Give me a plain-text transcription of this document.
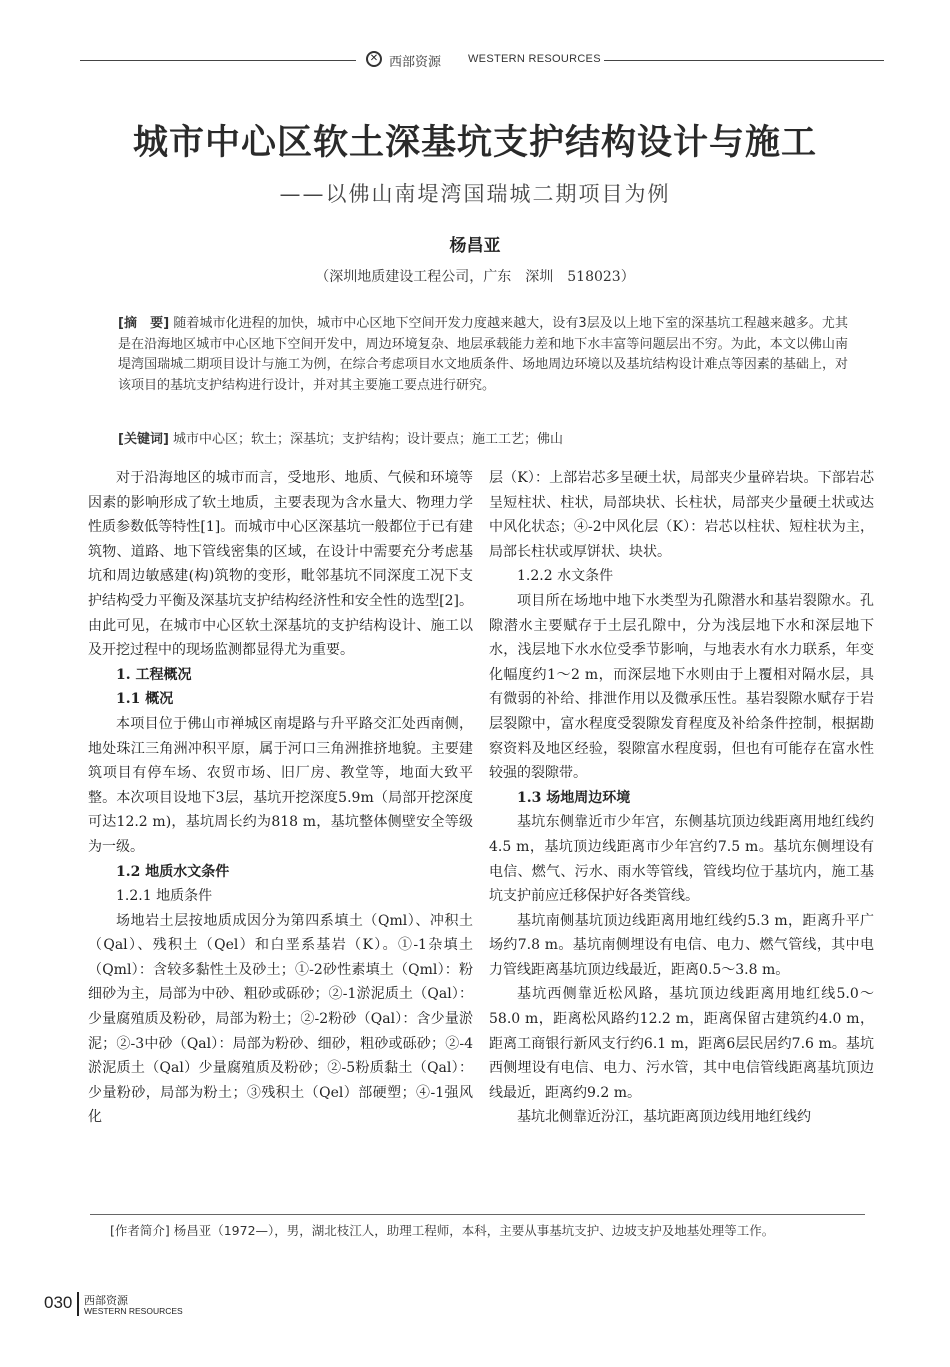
✕ 西部资源 WESTERN RESOURCES
城市中心区软土深基坑支护结构设计与施工
——以佛山南堤湾国瑞城二期项目为例
杨昌亚
（深圳地质建设工程公司，广东　深圳　518023）
[摘　要] 随着城市化进程的加快，城市中心区地下空间开发力度越来越大，设有3层及以上地下室的深基坑工程越来越多。尤其是在沿海地区城市中心区地下空间开发中，周边环境复杂、地层承载能力差和地下水丰富等问题层出不穷。为此，本文以佛山南堤湾国瑞城二期项目设计与施工为例，在综合考虑项目水文地质条件、场地周边环境以及基坑结构设计难点等因素的基础上，对该项目的基坑支护结构进行设计，并对其主要施工要点进行研究。
[关键词] 城市中心区；软土；深基坑；支护结构；设计要点；施工工艺；佛山

对于沿海地区的城市而言，受地形、地质、气候和环境等因素的影响形成了软土地质，主要表现为含水量大、物理力学性质参数低等特性[1]。而城市中心区深基坑一般都位于已有建筑物、道路、地下管线密集的区域，在设计中需要充分考虑基坑和周边敏感建(构)筑物的变形，毗邻基坑不同深度工况下支护结构受力平衡及深基坑支护结构经济性和安全性的选型[2]。由此可见，在城市中心区软土深基坑的支护结构设计、施工以及开挖过程中的现场监测都显得尤为重要。

1. 工程概况
1.1 概况

本项目位于佛山市禅城区南堤路与升平路交汇处西南侧，地处珠江三角洲冲积平原，属于河口三角洲推挤地貌。主要建筑项目有停车场、农贸市场、旧厂房、教堂等，地面大致平整。本次项目设地下3层，基坑开挖深度5.9m（局部开挖深度可达12.2 m)，基坑周长约为818 m，基坑整体侧壁安全等级为一级。

1.2 地质水文条件
1.2.1 地质条件

场地岩土层按地质成因分为第四系填土（Qml）、冲积土（Qal）、残积土（Qel）和白垩系基岩（K）。①-1杂填土（Qml）：含较多黏性土及砂土；①-2砂性素填土（Qml）：粉细砂为主，局部为中砂、粗砂或砾砂；②-1淤泥质土（Qal）：少量腐殖质及粉砂，局部为粉土；②-2粉砂（Qal）：含少量淤泥；②-3中砂（Qal）：局部为粉砂、细砂，粗砂或砾砂；②-4淤泥质土（Qal）少量腐殖质及粉砂；②-5粉质黏土（Qal）：少量粉砂，局部为粉土；③残积土（Qel）部硬塑；④-1强风化

层（K）：上部岩芯多呈硬土状，局部夹少量碎岩块。下部岩芯呈短柱状、柱状，局部块状、长柱状，局部夹少量硬土状或达中风化状态；④-2中风化层（K）：岩芯以柱状、短柱状为主，局部长柱状或厚饼状、块状。

1.2.2 水文条件

项目所在场地中地下水类型为孔隙潜水和基岩裂隙水。孔隙潜水主要赋存于土层孔隙中，分为浅层地下水和深层地下水，浅层地下水水位受季节影响，与地表水有水力联系，年变化幅度约1～2 m，而深层地下水则由于上覆相对隔水层，具有微弱的补给、排泄作用以及微承压性。基岩裂隙水赋存于岩层裂隙中，富水程度受裂隙发育程度及补给条件控制，根据勘察资料及地区经验，裂隙富水程度弱，但也有可能存在富水性较强的裂隙带。

1.3 场地周边环境

基坑东侧靠近市少年宫，东侧基坑顶边线距离用地红线约4.5 m，基坑顶边线距离市少年宫约7.5 m。基坑东侧埋设有电信、燃气、污水、雨水等管线，管线均位于基坑内，施工基坑支护前应迁移保护好各类管线。

基坑南侧基坑顶边线距离用地红线约5.3 m，距离升平广场约7.8 m。基坑南侧埋设有电信、电力、燃气管线，其中电力管线距离基坑顶边线最近，距离0.5～3.8 m。

基坑西侧靠近松风路，基坑顶边线距离用地红线5.0～58.0 m，距离松风路约12.2 m，距离保留古建筑约4.0 m，距离工商银行新风支行约6.1 m，距离6层民居约7.6 m。基坑西侧埋设有电信、电力、污水管，其中电信管线距离基坑顶边线最近，距离约9.2 m。

基坑北侧靠近汾江，基坑距离顶边线用地红线约

[作者简介] 杨昌亚（1972—），男，湖北枝江人，助理工程师，本科，主要从事基坑支护、边坡支护及地基处理等工作。
030 西部资源
WESTERN RESOURCES
